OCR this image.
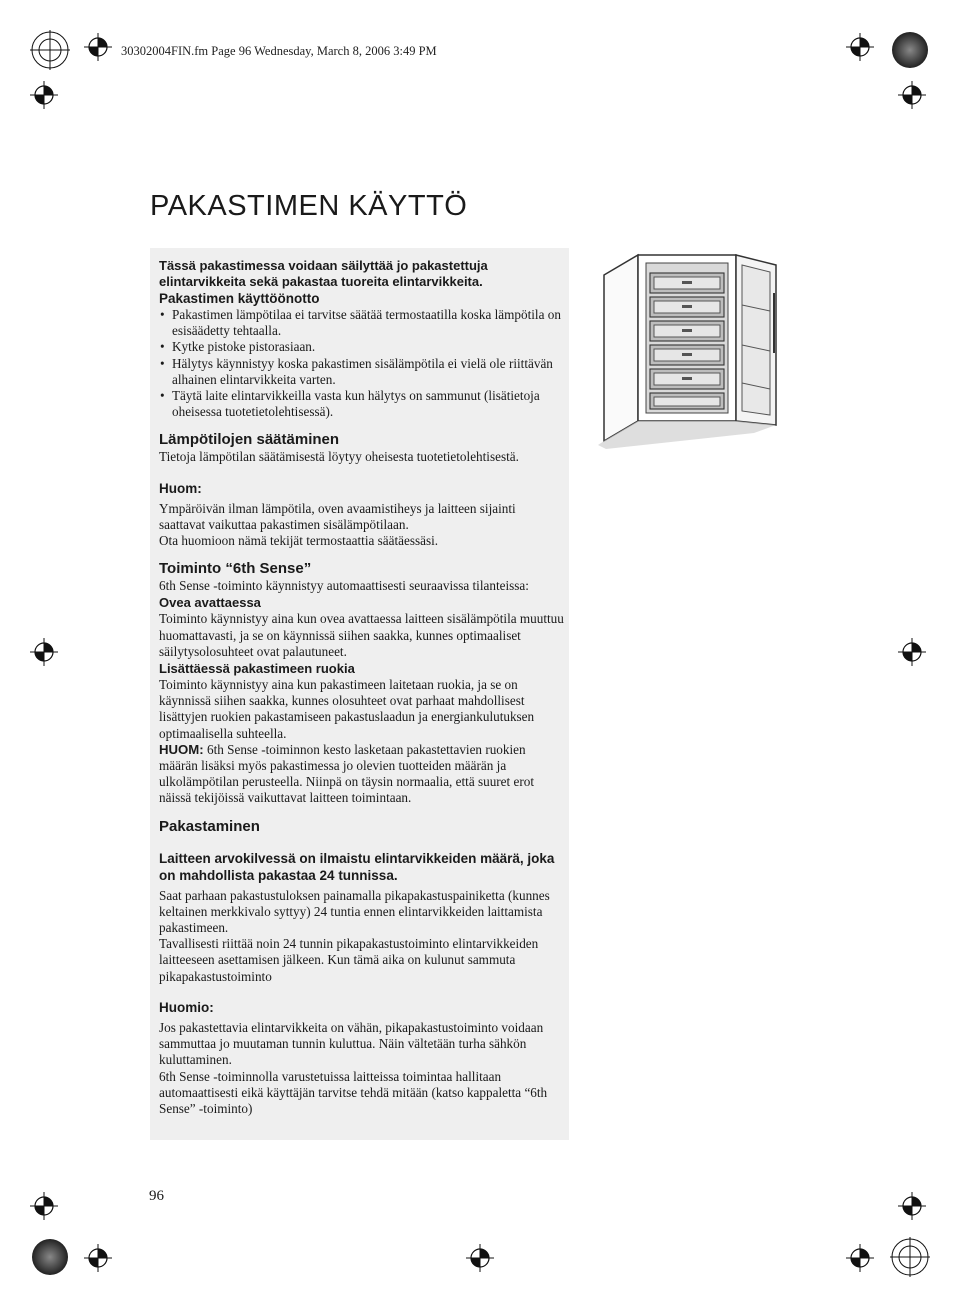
30302004FIN.fm Page 96 Wednesday, March 8, 2006 3:49 PM
PAKASTIMEN KÄYTTÖ

Tässä pakastimessa voidaan säilyttää jo pakastettuja elintarvikkeita sekä pakastaa tuoreita elintarvikkeita.

Pakastimen käyttöönotto

• Pakastimen lämpötilaa ei tarvitse säätää termostaatilla koska lämpötila on esisäädetty tehtaalla.
• Kytke pistoke pistorasiaan.
• Hälytys käynnistyy koska pakastimen sisälämpötila ei vielä ole riittävän alhainen elintarvikkeita varten.
• Täytä laite elintarvikkeilla vasta kun hälytys on sammunut (lisätietoja oheisessa tuotetietolehtisessä).

Lämpötilojen säätäminen

Tietoja lämpötilan säätämisestä löytyy oheisesta tuotetietolehtisestä.

Huom:

Ympäröivän ilman lämpötila, oven avaamistiheys ja laitteen sijainti saattavat vaikuttaa pakastimen sisälämpötilaan.

Ota huomioon nämä tekijät termostaattia säätäessäsi.

Toiminto “6th Sense”

6th Sense -toiminto käynnistyy automaattisesti seuraavissa tilanteissa:

Ovea avattaessa

Toiminto käynnistyy aina kun ovea avattaessa laitteen sisälämpötila muuttuu huomattavasti, ja se on käynnissä siihen saakka, kunnes optimaaliset säilytysolosuhteet ovat palautuneet.

Lisättäessä pakastimeen ruokia

Toiminto käynnistyy aina kun pakastimeen laitetaan ruokia, ja se on käynnissä siihen saakka, kunnes olosuhteet ovat parhaat mahdollisest lisättyjen ruokien pakastamiseen pakastuslaadun ja energiankulutuksen optimaalisella suhteella.

HUOM: 6th Sense -toiminnon kesto lasketaan pakastettavien ruokien määrän lisäksi myös pakastimessa jo olevien tuotteiden määrän ja ulkolämpötilan perusteella. Niinpä on täysin normaalia, että suuret erot näissä tekijöissä vaikuttavat laitteen toimintaan.

Pakastaminen

Laitteen arvokilvessä on ilmaistu elintarvikkeiden määrä, joka on mahdollista pakastaa 24 tunnissa.

Saat parhaan pakastustuloksen painamalla pikapakastuspainiketta (kunnes keltainen merkkivalo syttyy) 24 tuntia ennen elintarvikkeiden laittamista pakastimeen.

Tavallisesti riittää noin 24 tunnin pikapakastustoiminto elintarvikkeiden laitteeseen asettamisen jälkeen. Kun tämä aika on kulunut sammuta pikapakastustoiminto

Huomio:

Jos pakastettavia elintarvikkeita on vähän, pikapakastustoiminto voidaan sammuttaa jo muutaman tunnin kuluttua. Näin vältetään turha sähkön kuluttaminen.

6th Sense -toiminnolla varustetuissa laitteissa toimintaa hallitaan automaattisesti eikä käyttäjän tarvitse tehdä mitään (katso kappaletta “6th Sense” -toiminto)

96
